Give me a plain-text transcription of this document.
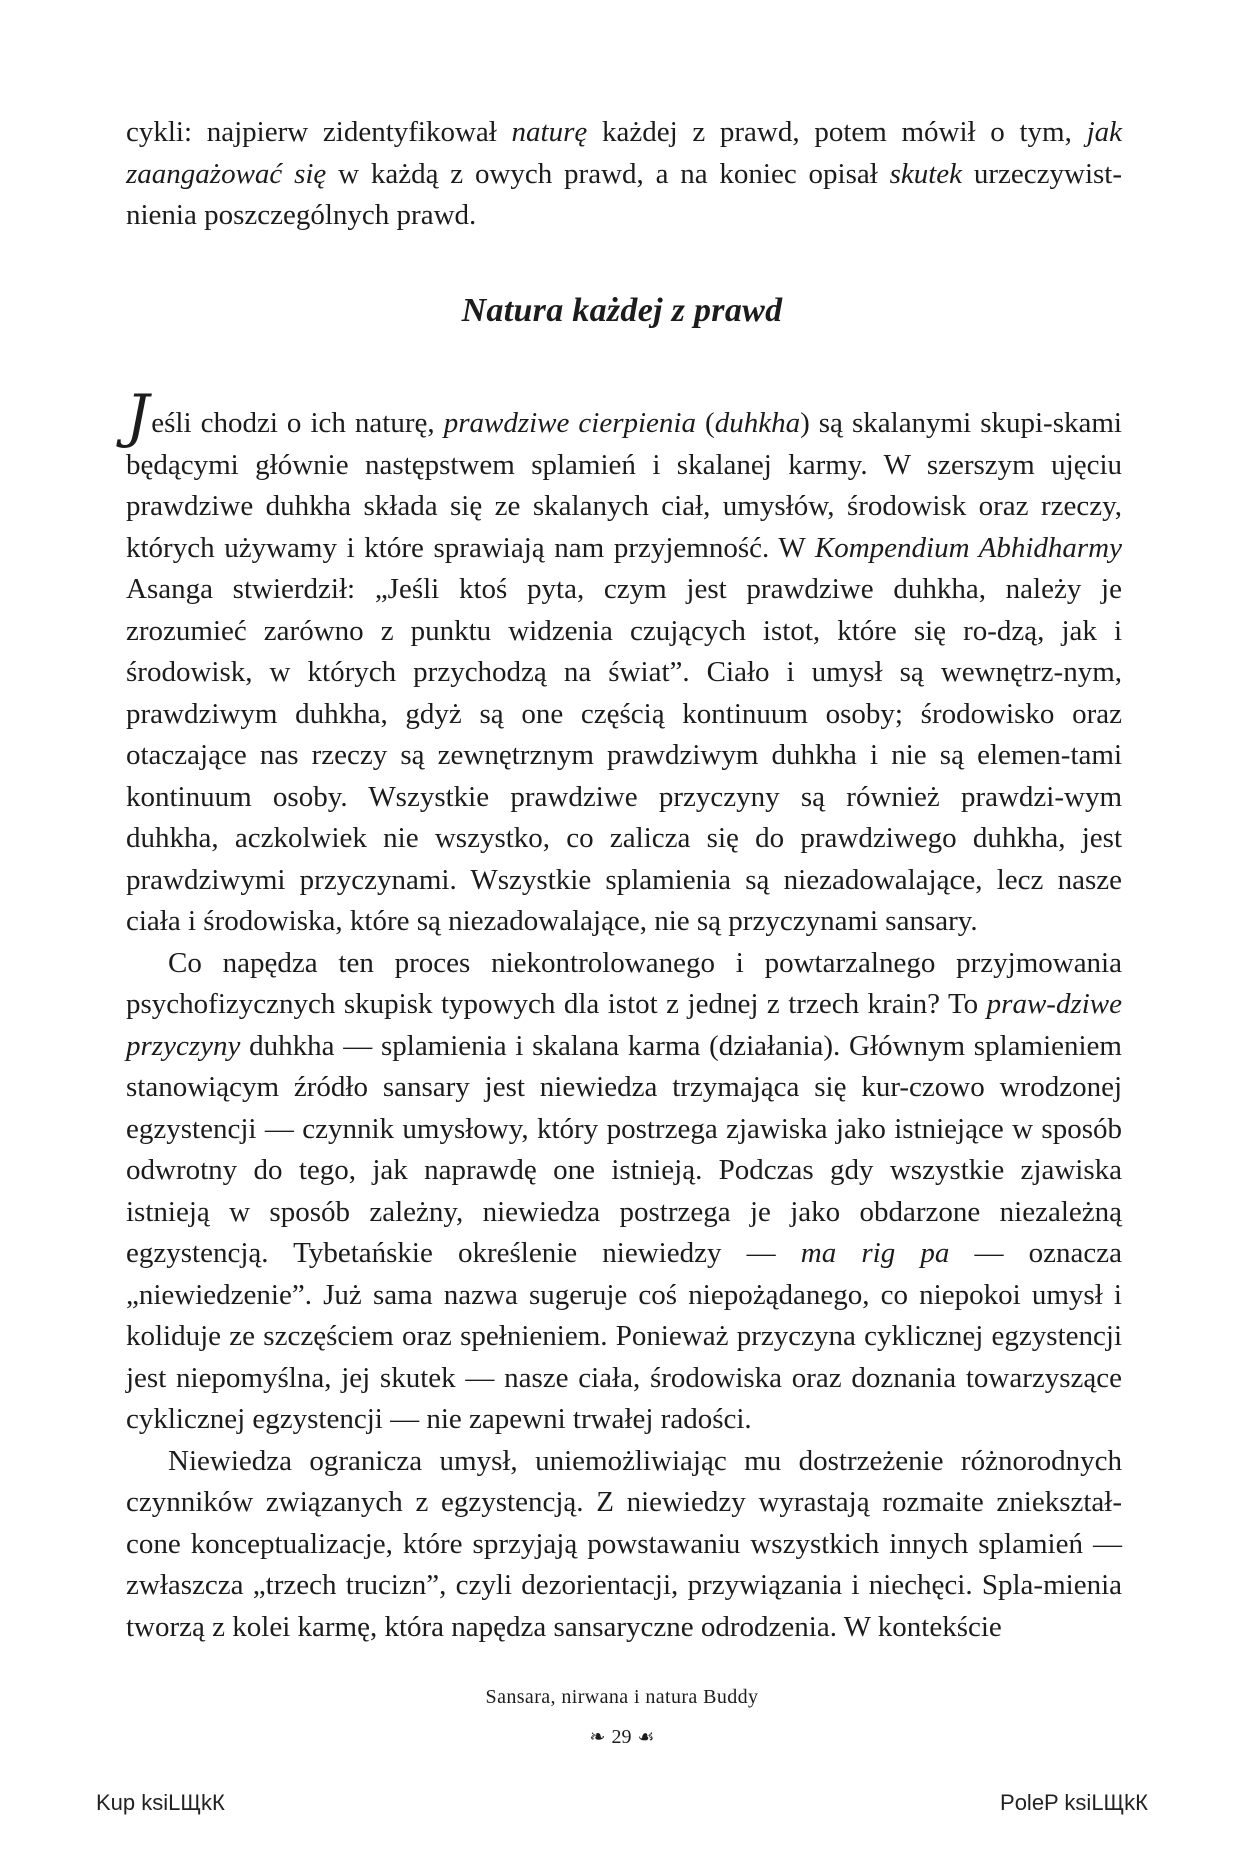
cykli: najpierw zidentyfikował naturę każdej z prawd, potem mówił o tym, jak zaangażować się w każdą z owych prawd, a na koniec opisał skutek urzeczywist-nienia poszczególnych prawd.

Natura każdej z prawd

Jeśli chodzi o ich naturę, prawdziwe cierpienia (duhkha) są skalanymi skupi-skami będącymi głównie następstwem splamień i skalanej karmy. W szerszym ujęciu prawdziwe duhkha składa się ze skalanych ciał, umysłów, środowisk oraz rzeczy, których używamy i które sprawiają nam przyjemność. W Kompendium Abhidharmy Asanga stwierdził: „Jeśli ktoś pyta, czym jest prawdziwe duhkha, należy je zrozumieć zarówno z punktu widzenia czujących istot, które się ro-dzą, jak i środowisk, w których przychodzą na świat”. Ciało i umysł są wewnętrz-nym, prawdziwym duhkha, gdyż są one częścią kontinuum osoby; środowisko oraz otaczające nas rzeczy są zewnętrznym prawdziwym duhkha i nie są elemen-tami kontinuum osoby. Wszystkie prawdziwe przyczyny są również prawdzi-wym duhkha, aczkolwiek nie wszystko, co zalicza się do prawdziwego duhkha, jest prawdziwymi przyczynami. Wszystkie splamienia są niezadowalające, lecz nasze ciała i środowiska, które są niezadowalające, nie są przyczynami sansary.

Co napędza ten proces niekontrolowanego i powtarzalnego przyjmowania psychofizycznych skupisk typowych dla istot z jednej z trzech krain? To praw-dziwe przyczyny duhkha — splamienia i skalana karma (działania). Głównym splamieniem stanowiącym źródło sansary jest niewiedza trzymająca się kur-czowo wrodzonej egzystencji — czynnik umysłowy, który postrzega zjawiska jako istniejące w sposób odwrotny do tego, jak naprawdę one istnieją. Podczas gdy wszystkie zjawiska istnieją w sposób zależny, niewiedza postrzega je jako obdarzone niezależną egzystencją. Tybetańskie określenie niewiedzy — ma rig pa — oznacza „niewiedzenie”. Już sama nazwa sugeruje coś niepożądanego, co niepokoi umysł i koliduje ze szczęściem oraz spełnieniem. Ponieważ przyczyna cyklicznej egzystencji jest niepomyślna, jej skutek — nasze ciała, środowiska oraz doznania towarzyszące cyklicznej egzystencji — nie zapewni trwałej radości.

Niewiedza ogranicza umysł, uniemożliwiając mu dostrzeżenie różnorodnych czynników związanych z egzystencją. Z niewiedzy wyrastają rozmaite zniekształ-cone konceptualizacje, które sprzyjają powstawaniu wszystkich innych splamień — zwłaszcza „trzech trucizn”, czyli dezorientacji, przywiązania i niechęci. Spla-mienia tworzą z kolei karmę, która napędza sansaryczne odrodzenia. W kontekście

Sansara, nirwana i natura Buddy
❧ 29 ☙
Kup ksiLЩkК	PoleP ksiLЩkК
